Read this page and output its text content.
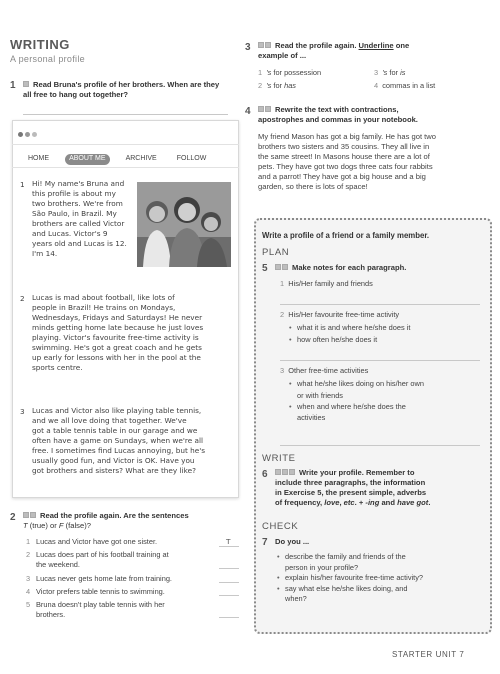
WRITING
A personal profile
1	Read Bruna's profile of her brothers. When are they all free to hang out together?
HOME	ABOUT ME	ARCHIVE	FOLLOW
1 Hi! My name's Bruna and
this profile is about my
two brothers. We're from
São Paulo, in Brazil. My
brothers are called Victor
and Lucas. Victor's 9
years old and Lucas is 12.
I'm 14.
2 Lucas is mad about football, like lots of
people in Brazil! He trains on Mondays,
Wednesdays, Fridays and Saturdays! He never
minds getting home late because he just loves
playing. Victor's favourite free-time activity is
swimming. He's got a great coach and he gets
up early for lessons with her in the pool at the
sports centre.
3 Lucas and Victor also like playing table tennis,
and we all love doing that together. We've
got a table tennis table in our garage and we
often have a game on Sundays, when we're all
free. I sometimes find Lucas annoying, but he's
usually good fun, and Victor is OK. Have you
got brothers and sisters? What are they like?
2	Read the profile again. Are the sentences
T (true) or F (false)?
1 Lucas and Victor have got one sister.	T
2 Lucas does part of his football training at
the weekend.
3 Lucas never gets home late from training.
4 Victor prefers table tennis to swimming.
5 Bruna doesn't play table tennis with her
brothers.
3	Read the profile again. Underline one
example of ...
1 's for possession	3 's for is
2 's for has	4 commas in a list
4	Rewrite the text with contractions,
apostrophes and commas in your notebook.
My friend Mason has got a big family. He has got two
brothers two sisters and 35 cousins. They all live in
the same street! In Masons house there are a lot of
pets. They have got two dogs three cats four rabbits
and a parrot! They have got a big house and a big
garden, so there is lots of space!
Write a profile of a friend or a family member.
PLAN
5	Make notes for each paragraph.
1 His/Her family and friends
2 His/Her favourite free-time activity
• what it is and where he/she does it
• how often he/she does it
3 Other free-time activities
• what he/she likes doing on his/her own
or with friends
• when and where he/she does the
activities
WRITE
6	Write your profile. Remember to
include three paragraphs, the information
in Exercise 5, the present simple, adverbs
of frequency, love, etc. + -ing and have got.
CHECK
7 Do you ...
• describe the family and friends of the
person in your profile?
• explain his/her favourite free-time activity?
• say what else he/she likes doing, and
when?
STARTER UNIT 7
